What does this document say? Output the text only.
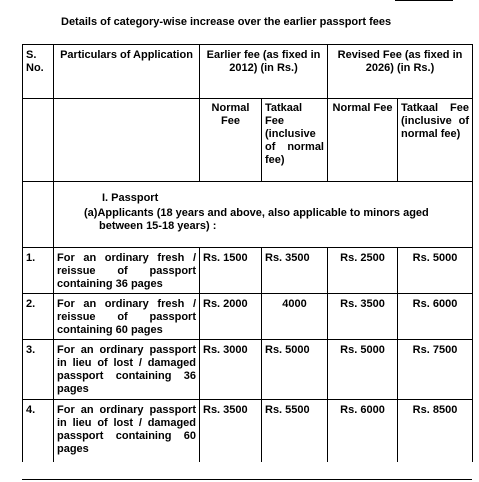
Details of category-wise increase over the earlier passport fees
S. No.	Particulars of Application	Earlier fee (as fixed in 2012) (in Rs.)		Revised Fee (as fixed in 2026) (in Rs.)	
		Normal Fee	Tatkaal Fee (inclusive of normal fee)	Normal Fee	Tatkaal Fee (inclusive of normal fee)

	I. Passport
(a)Applicants (18 years and above, also applicable to minors aged between 15-18 years) :				

1.	For an ordinary fresh / reissue of passport containing 36 pages	Rs. 1500	Rs. 3500	Rs. 2500	Rs. 5000
2.	For an ordinary fresh / reissue of passport containing 60 pages	Rs. 2000	4000	Rs. 3500	Rs. 6000
3.	For an ordinary passport in lieu of lost / damaged passport containing 36 pages	Rs. 3000	Rs. 5000	Rs. 5000	Rs. 7500
4.	For an ordinary passport in lieu of lost / damaged passport containing 60 pages	Rs. 3500	Rs. 5500	Rs. 6000	Rs. 8500
